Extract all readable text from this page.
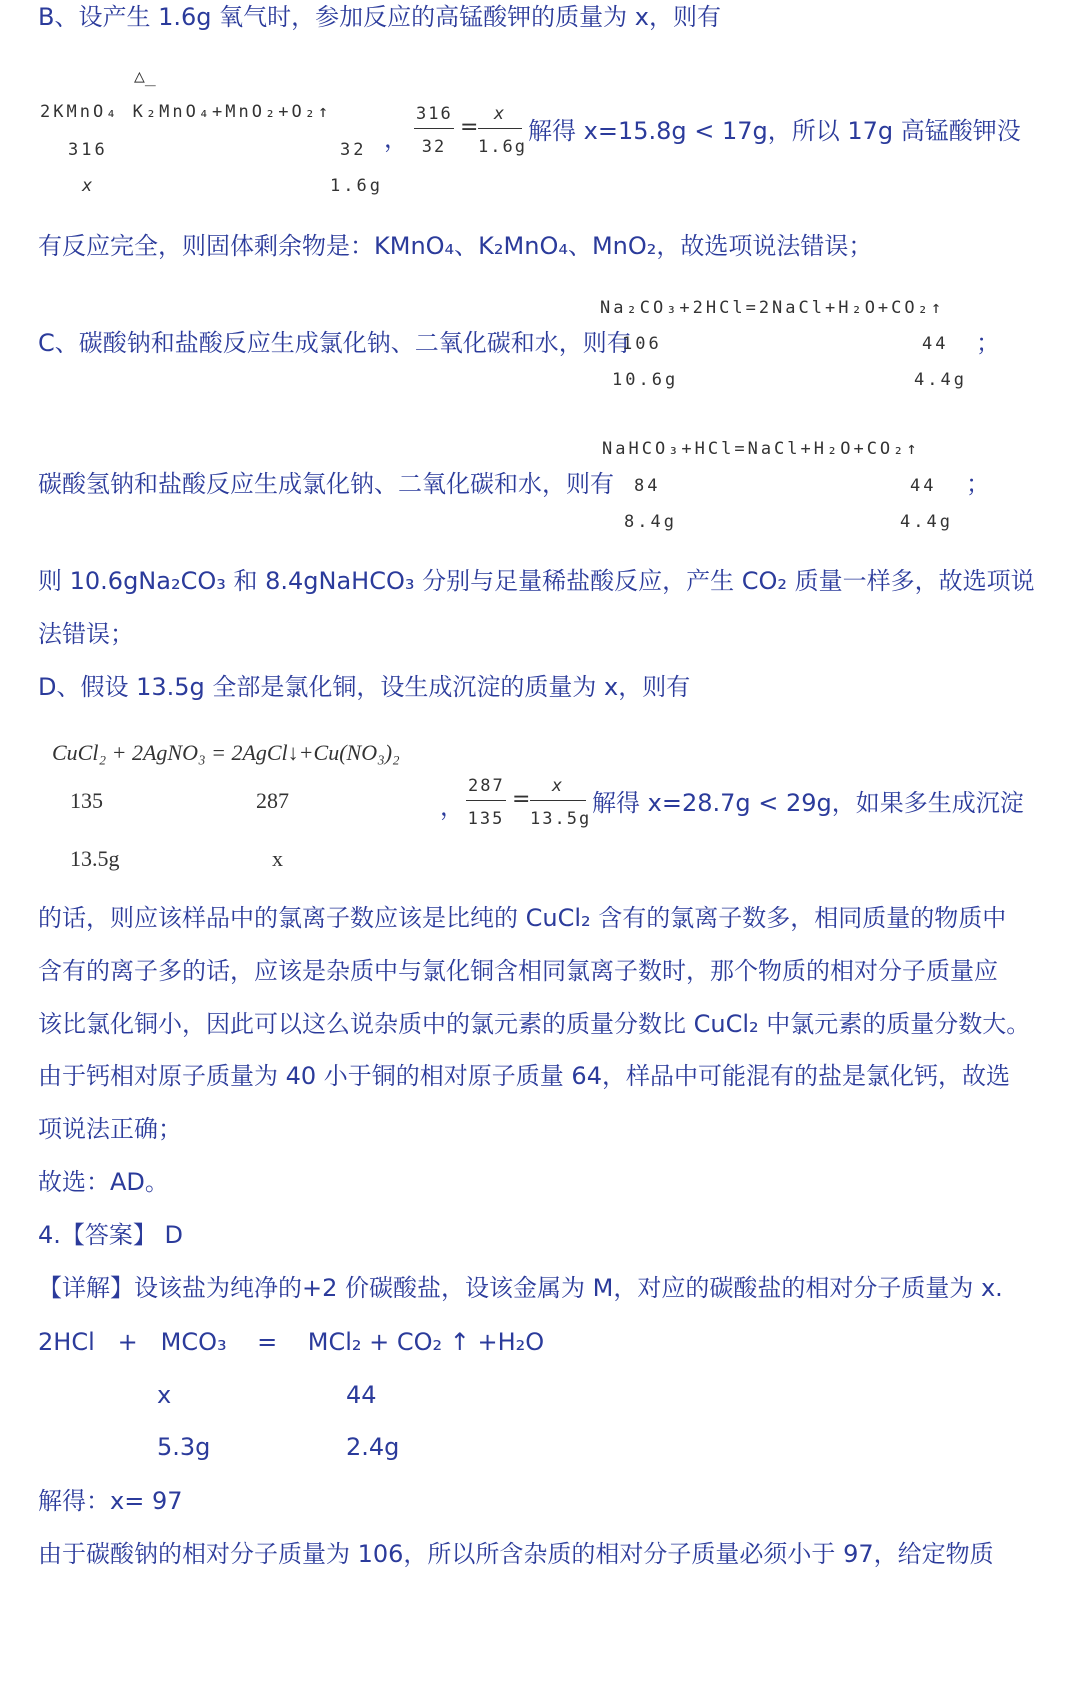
B、设产生 1.6g 氧气时，参加反应的高锰酸钾的质量为 x，则有
△̲
2KMnO₄ K₂MnO₄+MnO₂+O₂↑
316	32
x	1.6g
， $\frac{316}{32} = \frac{x}{1.6g}$ 解得 x=15.8g < 17g，所以 17g 高锰酸钾没
有反应完全，则固体剩余物是：KMnO₄、K₂MnO₄、MnO₂，故选项说法错误；
Na₂CO₃+2HCl=2NaCl+H₂O+CO₂↑
C、碳酸钠和盐酸反应生成氯化钠、二氧化碳和水，则有
106	44 ；
10.6g	4.4g
NaHCO₃+HCl=NaCl+H₂O+CO₂↑
碳酸氢钠和盐酸反应生成氯化钠、二氧化碳和水，则有 84	44 ；
8.4g	4.4g
则 10.6gNa₂CO₃ 和 8.4gNaHCO₃ 分别与足量稀盐酸反应，产生 CO₂ 质量一样多，故选项说
法错误；
D、假设 13.5g 全部是氯化铜，设生成沉淀的质量为 x，则有
CuCl₂ + 2AgNO₃ = 2AgCl↓+Cu(NO₃)₂
135	287
13.5g	x
， $\frac{287}{135} = \frac{x}{13.5g}$ 解得 x=28.7g < 29g，如果多生成沉淀
的话，则应该样品中的氯离子数应该是比纯的 CuCl₂ 含有的氯离子数多，相同质量的物质中
含有的离子多的话，应该是杂质中与氯化铜含相同氯离子数时，那个物质的相对分子质量应
该比氯化铜小，因此可以这么说杂质中的氯元素的质量分数比 CuCl₂ 中氯元素的质量分数大。
由于钙相对原子质量为 40 小于铜的相对原子质量 64，样品中可能混有的盐是氯化钙，故选
项说法正确；
故选：AD。
4.【答案】 D
【详解】设该盐为纯净的+2 价碳酸盐，设该金属为 M，对应的碳酸盐的相对分子质量为 x.
2HCl   +   MCO₃    =    MCl₂ + CO₂ ↑ +H₂O
x	44
5.3g	2.4g
解得：x= 97
由于碳酸钠的相对分子质量为 106，所以所含杂质的相对分子质量必须小于 97，给定物质
